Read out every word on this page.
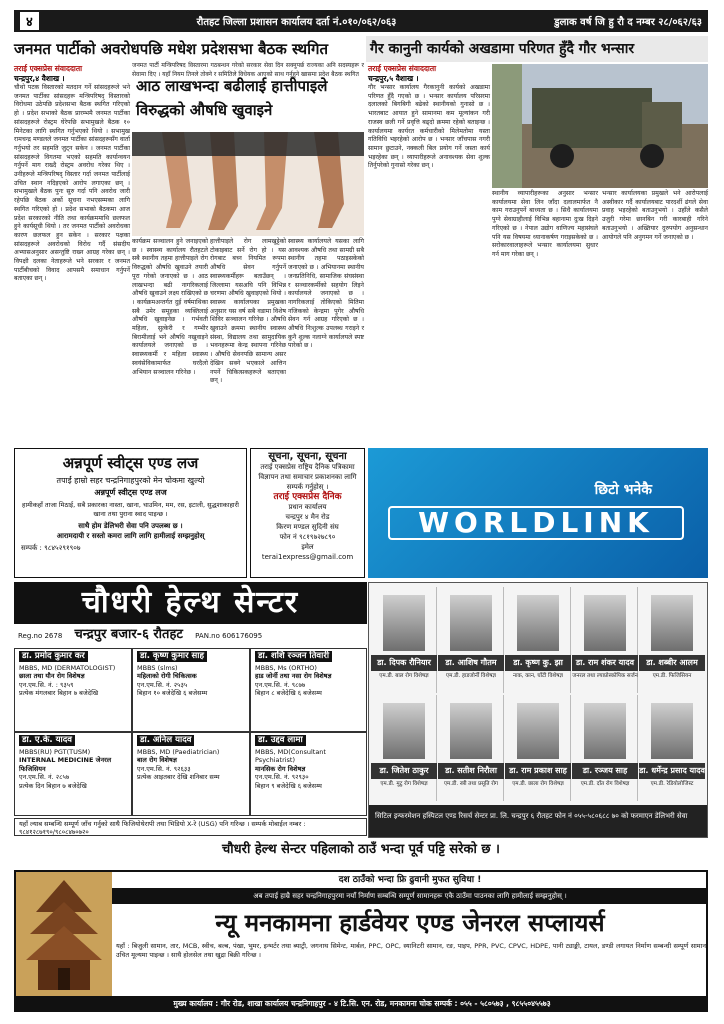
४	रौतहट जिल्ला प्रशासन कार्यालय दर्ता नं.०१०/०६२/०६३	डुलाक वर्ष जि हु रौ द नम्बर २८/०६२/६३
जनमत पार्टीको अवरोधपछि मधेश प्रदेशसभा बैठक स्थगित
तराई एक्सप्रेस संवाददाता
चन्द्रपुर,४ वैशाख ।
चौथो पटक विस्तारको मतदान गर्ने सांसदहरूले भने जनमत पार्टीका सांसदहरू मन्त्रिपरिषद् विस्तारको विरोधमा उठेपछि प्रदेशसभा बैठक स्थगित गरिएको हो । प्रदेश सभाको बैठक प्रारम्भमै जनमत पार्टीका सांसदहरूले रोस्ट्रम घेरेपछि सभामुखले बैठक १० मिनेटका लागि स्थगित गर्नुभएको थियो । सभामुख रामचन्द्र मण्डलले जनमत पार्टीका सांसदहरूसँग वार्ता गर्नुभयो तर सहमति जुट्न सकेन । जनमत पार्टीका सांसदहरूले विगतमा भएको सहमति कार्यान्वयन गर्नुपर्ने माग राख्दै रोस्ट्रम अवरोध गरेका थिए । उनीहरूले मन्त्रिपरिषद् विस्तार गर्दा जनमत पार्टीलाई उचित स्थान नदिइएको आरोप लगाएका छन् । सभामुखले बैठक पुनः सुरु गर्दा पनि अवरोध जारी रहेपछि बैठक अर्को सूचना नभएसम्मका लागि स्थगित गरिएको हो । प्रदेश सभाको बैठकमा आज प्रदेश सरकारको नीति तथा कार्यक्रममाथि छलफल हुने कार्यसूची थियो । तर जनमत पार्टीको अवरोधका कारण छलफल हुन सकेन । सरकार पक्षका सांसदहरूले अवरोधको विरोध गर्दै संसदीय अभ्यासअनुसार असन्तुष्टि राख्न आग्रह गरेका छन् । विपक्षी दलका नेताहरूले भने सरकार र जनमत पार्टीबीचको विवाद आपसमै समाधान गर्नुपर्ने बताएका छन् ।
जनमत पार्टी मन्त्रिपरिषद विस्तारमा गठबन्धन गरेको सरकार सेवा दिन सक्नुपर्छ राज्यका अनि सदस्यहरू र सेवामा दिए । यहाँ नियम तिनले तोक्ने र समितिले विधेयक आएको साथ गर्नुहुने खासमा प्रदेश बैठक स्थगित
आठ लाखभन्दा बढीलाई हात्तीपाइले विरुद्धको औषधि खुवाइने
कार्यक्रम सञ्चालन हुने जनाइएको छ । स्वास्थ्य कार्यालय रौतहटले सबै स्थानीय तहमा हात्तीपाइले रोग विरुद्धको औषधि खुवाउने तयारी पूरा गरेको जनाएको छ । आठ लाखभन्दा बढी नागरिकलाई औषधि खुवाउने लक्ष्य राखिएको छ । कार्यक्रमअन्तर्गत दुई वर्षमाथिका सबै उमेर समूहका व्यक्तिलाई औषधि खुवाइनेछ । गर्भवती महिला, सुत्केरी र गम्भीर बिरामीलाई भने औषधि नखुवाइने कार्यालयले जनाएको छ । स्वास्थ्यकर्मी र महिला स्वास्थ्य स्वयंसेविकामार्फत घरदैलो अभियान सञ्चालन गरिनेछ ।
हात्तीपाइले रोग लामखुट्टेको टोकाइबाट सर्ने रोग हो । यस रोगबाट बच्न नियमित रूपमा औषधि सेवन गर्नुपर्ने स्वास्थ्यकर्मीहरू बताउँछन् । जिल्लामा यसअघि पनि विभिन्न चरणमा औषधि खुवाइएको थियो । स्वास्थ्य कार्यालयका प्रमुखका अनुसार यस वर्ष सबै वडामा विशेष शिविर सञ्चालन गरिनेछ । औषधि खुवाउने क्रममा स्थानीय स्वास्थ्य संस्था, विद्यालय तथा सामुदायिक भवनहरूमा केन्द्र स्थापना गरिनेछ । औषधि सेवनपछि सामान्य असर देखिन सक्ने भएकाले आत्तिन नपर्ने चिकित्सकहरूले बताएका छन् ।
स्वास्थ्य कार्यालयले यसका लागि आवश्यक औषधि तथा सामग्री सबै स्थानीय तहमा पठाइसकेको जनाएको छ । अभियानमा स्थानीय जनप्रतिनिधि, सामाजिक संघसंस्था र सञ्चारकर्मीको सहयोग लिइने कार्यालयले जनाएको छ । नागरिकलाई तोकिएको मितिमा नजिकको केन्द्रमा पुगेर औषधि सेवन गर्न आग्रह गरिएको छ । औषधि निःशुल्क उपलब्ध गराइने र कुनै शुल्क नलाग्ने कार्यालयले स्पष्ट पारेको छ ।
गैर कानुनी कार्यको अखडामा परिणत हुँदै गौर भन्सार
तराई एक्सप्रेस संवाददाता
चन्द्रपुर,५ वैशाख ।
गौर भन्सार कार्यालय गैरकानुनी कार्यको अखडामा परिणत हुँदै गएको छ । भन्सार कार्यालय परिसरमा दलालको बिगबिगी बढेको स्थानीयको गुनासो छ । भारतबाट आयात हुने सामानमा कम मूल्यांकन गरी राजस्व छली गर्ने प्रवृत्ति बढ्दो क्रममा रहेको बताइन्छ । कार्यालयमा कार्यरत कर्मचारीको मिलेमतोमा यस्ता गतिविधि भइरहेको आरोप छ । भन्सार जाँचपास नगरी सामान छुटाउने, नक्कली बिल प्रयोग गर्ने जस्ता कार्य भइरहेका छन् । व्यापारीहरूले अनावश्यक सेवा शुल्क तिर्नुपरेको गुनासो गरेका छन् ।
स्थानीय व्यापारीहरूका अनुसार भन्सार कार्यालयमा सेवा लिन जाँदा दलालमार्फत नै काम गराउनुपर्ने बाध्यता छ । सिधै कार्यालयमा पुग्ने सेवाग्राहीलाई विभिन्न बहानामा दुःख दिइने गरिएको छ । नेपाल उद्योग वाणिज्य महासंघले पनि यस विषयमा ध्यानाकर्षण गराइसकेको छ । सरोकारवालाहरूले भन्सार कार्यालयमा सुधार गर्न माग गरेका छन् ।
भन्सार कार्यालयका प्रमुखले भने आरोपलाई अस्वीकार गर्दै कार्यालयबाट पारदर्शी ढंगले सेवा प्रवाह भइरहेको बताउनुभयो । उहाँले कसैले उजुरी गरेमा छानबिन गरी कारबाही गरिने बताउनुभयो । अख्तियार दुरुपयोग अनुसन्धान आयोगले पनि अनुगमन गर्ने जनाएको छ ।
अन्नपूर्ण स्वीट्स एण्ड लज
तपाईं हाम्रो सहर चन्द्रनिगाहपुरको मेन चोकमा खुल्यो
अन्नपूर्ण स्वीट्स एण्ड लज
हामीकहाँ ताजा मिठाई, सबै प्रकारका नास्ता, खाना, चाउमिन, मम, रस, इटाली, सुद्धशाकाहारी खाना तथा पुराना स्वाद पाइन्छ ।
साथै होम डेलिभरी सेवा पनि उपलब्ध छ ।
आरामदायी र सस्तो कमरा लागि लागि हामीलाई सम्झनुहोस्
सम्पर्क : ९८४५२९१९०७
सूचना, सूचना, सूचना
तराई एक्सप्रेस राष्ट्रिय दैनिक पत्रिकामा विज्ञापन तथा समाचार प्रकाशनका लागि सम्पर्क गर्नुहोस् ।
तराई एक्सप्रेस दैनिक
प्रधान कार्यालय
चन्द्रपुर ४ मैन रोड
किरण मण्डल सुदिनी संघ
फोन नं ९८१९७२७८९०
इमेल
terai1express@gmail.com
छिटो भनेकै
WORLDLINK
चौधरी हेल्थ सेन्टर
Reg.no 2678 चन्द्रपुर बजार-६ रौतहट PAN.no 606176095
डा. प्रमोद कुमार कर
MBBS, MD (DERMATOLOGIST)
छाला तथा यौन रोग विशेषज्ञ
एन.एम.सि. नं. : ९३५९
प्रत्येक मंगलबार बिहान ७ बजेदेखि
डा. कृष्ण कुमार साह
MBBS (slms)
महिलाको रोगी चिकित्सक
एन.एम.सि. नं. २५३५
बिहान १० बजेदेखि ६ बजेसम्म
डा. शशि रञ्जन तिवारी
MBBS, Ms (ORTHO)
हाड जोर्नी तथा नसा रोग विशेषज्ञ
एन.एम.सि. नं. ९८७७
बिहान ८ बजेदेखि ६ बजेसम्म
डा. ए.के. यादव
MBBS(RU) PGT(TUSM)
INTERNAL MEDICINE जेनरल फिजिसियन
एन.एम.सि. नं. २८५७
प्रत्येक दिन बिहान ७ बजेदेखि
डा. अनिल यादव
MBBS, MD (Paediatrician)
बाल रोग विशेषज्ञ
एन.एम.सि. नं. ९२६३३
प्रत्येक आइतबार देखि शनिबार सम्म
डा. उद्दव लामा
MBBS, MD(Consultant Psychiatrist)
मानसिक रोग विशेषज्ञ
एन.एम.सि. नं. ९२९३०
बिहान ९ बजेदेखि ६ बजेसम्म
यहाँ ल्याब सम्बन्धि सम्पूर्ण जाँच गर्नुको साथै फिजियोथेरापी तथा भिडियो X-रे (USG) पनि गरिन्छ । सम्पर्क मोबाईल नम्बर : ९८४१२८७१९०/९८०८४७०७२०
चौधरी हेल्थ सेन्टर पहिलाको ठाउँ भन्दा पूर्व पट्टि सरेको छ ।
डा. दिपक रौनियार
एम.डी. बाल रोग विशेषज्ञ
डा. आशिष गौतम
एम.डी. हाडजोर्नी विशेषज्ञ
डा. कृष्ण कु. झा
नाक, कान, घाँटी विशेषज्ञ
डा. राम शंकर यादव
जनरल तथा ल्याप्रोस्कोपिक सर्जन
डा. शब्बीर आलम
एम.डी. फिजिसियन
डा. जितेश ठाकुर
एम.डी. मुटु रोग विशेषज्ञ
डा. सतीश निरौला
एम.डी. स्त्री तथा प्रसूति रोग
डा. राम प्रकाश साह
एम.डी. छाला रोग विशेषज्ञ
डा. रञ्जय साह
एम.डी. दाँत रोग विशेषज्ञ
डा. धर्मेन्द्र प्रसाद यादव
एम.डी. रेडियोलोजिस्ट
सिटिल इन्फरमेशन हस्पिटल एण्ड रिसर्च सेन्टर प्रा. लि. चन्द्रपुर ६ रौतहट फोन नं ०५५-५८०६८८ ७० को फरमाएन डेलिभरी सेवा
दश ठाउँको भन्दा फ्रि ढुवानी मुफत सुविधा !
अब तपाई हाम्रै सहर चन्द्रनिगाहपुरमा नयाँ निर्माण सम्बन्धि सम्पूर्ण सामानहरू एकै ठाउँमा पाउनका लागि हामीलाई सम्झनुहोस् ।
न्यू मनकामना हार्डवेयर एण्ड जेनरल सप्लायर्स
यहाँ : बिजुली सामान, तार, MCB, स्वीच, बल्ब, पंखा, भुमर, इन्भर्टर तथा ब्याट्री, जगनाथ सिमेन्ट, मार्बल, PPC, OPC, स्यानिटरी सामान, रङ, पाइप, PPR, PVC, CPVC, HDPE, पानी ट्याङ्की, टायल, डण्डी लगायत निर्माण सम्बन्धी सम्पूर्ण सामान उचित मूल्यमा पाइन्छ । साथै होलसेल तथा खुद्रा बिक्री गरिन्छ ।
मुख्य कार्यालय : गौर रोड, शाखा कार्यालय चन्द्रनिगाहपुर - ४ टि.सि. एन. रोड, मनकामना चोक सम्पर्क : ०५५ - ५८०५७३ , ९८५५०४५५७३
